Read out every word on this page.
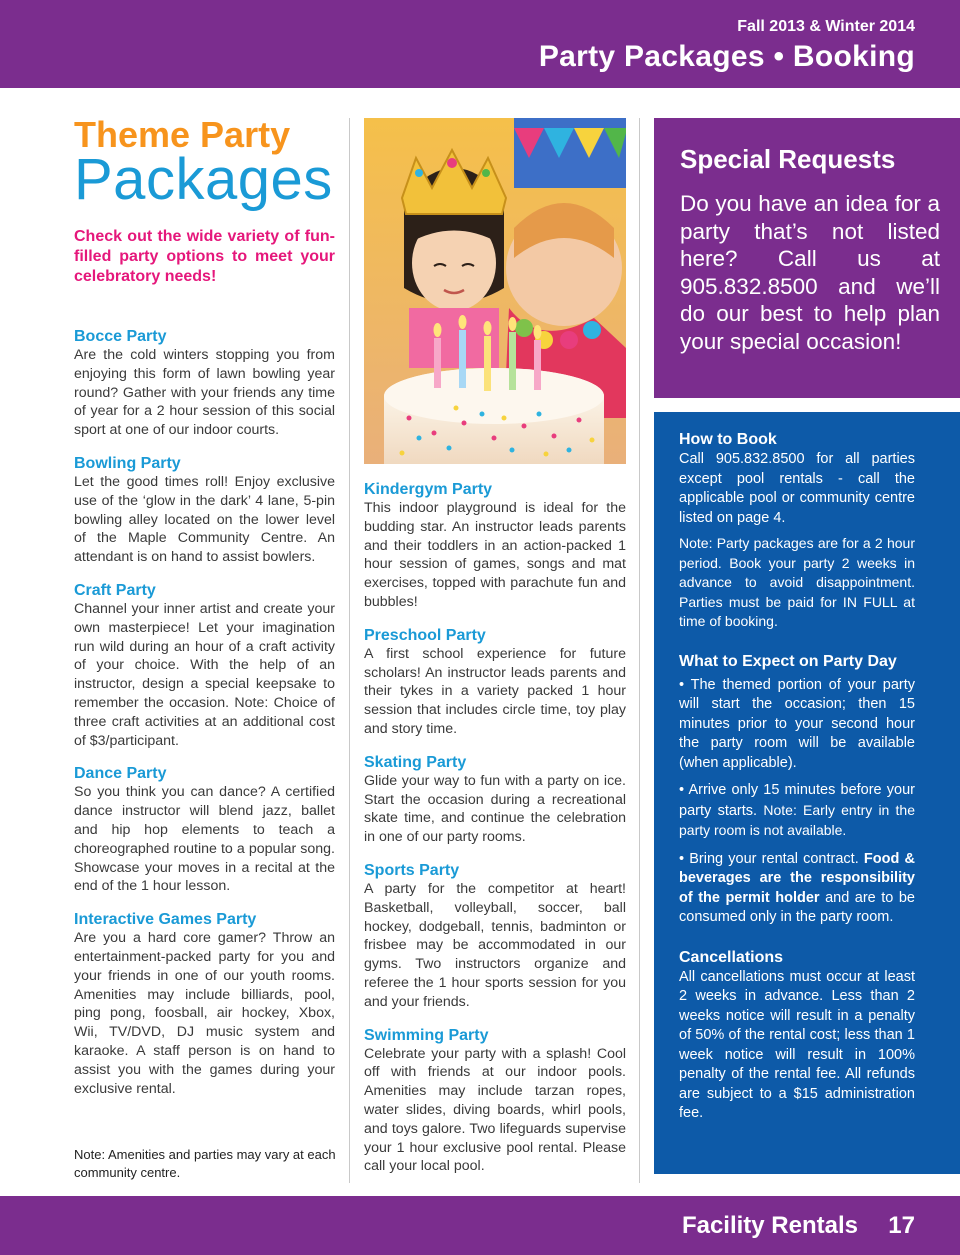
Fall 2013 & Winter 2014
Party Packages • Booking
Theme Party
Packages
Check out the wide variety of fun-filled party options to meet your celebratory needs!
Bocce Party

Are the cold winters stopping you from enjoying this form of lawn bowling year round? Gather with your friends any time of year for a 2 hour session of this social sport at one of our indoor courts.

Bowling Party

Let the good times roll! Enjoy exclusive use of the ‘glow in the dark’ 4 lane, 5-pin bowling alley located on the lower level of the Maple Community Centre. An attendant is on hand to assist bowlers.

Craft Party

Channel your inner artist and create your own masterpiece! Let your imagination run wild during an hour of a craft activity of your choice. With the help of an instructor, design a special keepsake to remember the occasion. Note: Choice of three craft activities at an additional cost of $3/participant.

Dance Party

So you think you can dance? A certified dance instructor will blend jazz, ballet and hip hop elements to teach a choreographed routine to a popular song. Showcase your moves in a recital at the end of the 1 hour lesson.

Interactive Games Party

Are you a hard core gamer? Throw an entertainment-packed party for you and your friends in one of our youth rooms. Amenities may include billiards, pool, ping pong, foosball, air hockey, Xbox, Wii, TV/DVD, DJ music system and karaoke. A staff person is on hand to assist you with the games during your exclusive rental.

Note: Amenities and parties may vary at each community centre.
Kindergym Party

This indoor playground is ideal for the budding star. An instructor leads parents and their toddlers in an action-packed 1 hour session of games, songs and mat exercises, topped with parachute fun and bubbles!

Preschool Party

A first school experience for future scholars! An instructor leads parents and their tykes in a variety packed 1 hour session that includes circle time, toy play and story time.

Skating Party

Glide your way to fun with a party on ice. Start the occasion during a recreational skate time, and continue the celebration in one of our party rooms.

Sports Party

A party for the competitor at heart! Basketball, volleyball, soccer, ball hockey, dodgeball, tennis, badminton or frisbee may be accommodated in our gyms. Two instructors organize and referee the 1 hour sports session for you and your friends.

Swimming Party

Celebrate your party with a splash! Cool off with friends at our indoor pools. Amenities may include tarzan ropes, water slides, diving boards, whirl pools, and toys galore. Two lifeguards supervise your 1 hour exclusive pool rental. Please call your local pool.

Special Requests

Do you have an idea for a party that’s not listed here? Call us at 905.832.8500 and we’ll do our best to help plan your special occasion!

How to Book

Call 905.832.8500 for all parties except pool rentals - call the applicable pool or community centre listed on page 4.

Note: Party packages are for a 2 hour period. Book your party 2 weeks in advance to avoid disappointment. Parties must be paid for IN FULL at time of booking.

What to Expect on Party Day

• The themed portion of your party will start the occasion; then 15 minutes prior to your second hour the party room will be available (when applicable).

• Arrive only 15 minutes before your party starts. Note: Early entry in the party room is not available.

• Bring your rental contract. Food & beverages are the responsibility of the permit holder and are to be consumed only in the party room.

Cancellations

All cancellations must occur at least 2 weeks in advance. Less than 2 weeks notice will result in a penalty of 50% of the rental cost; less than 1 week notice will result in 100% penalty of the rental fee. All refunds are subject to a $15 administration fee.

Facility Rentals 17
